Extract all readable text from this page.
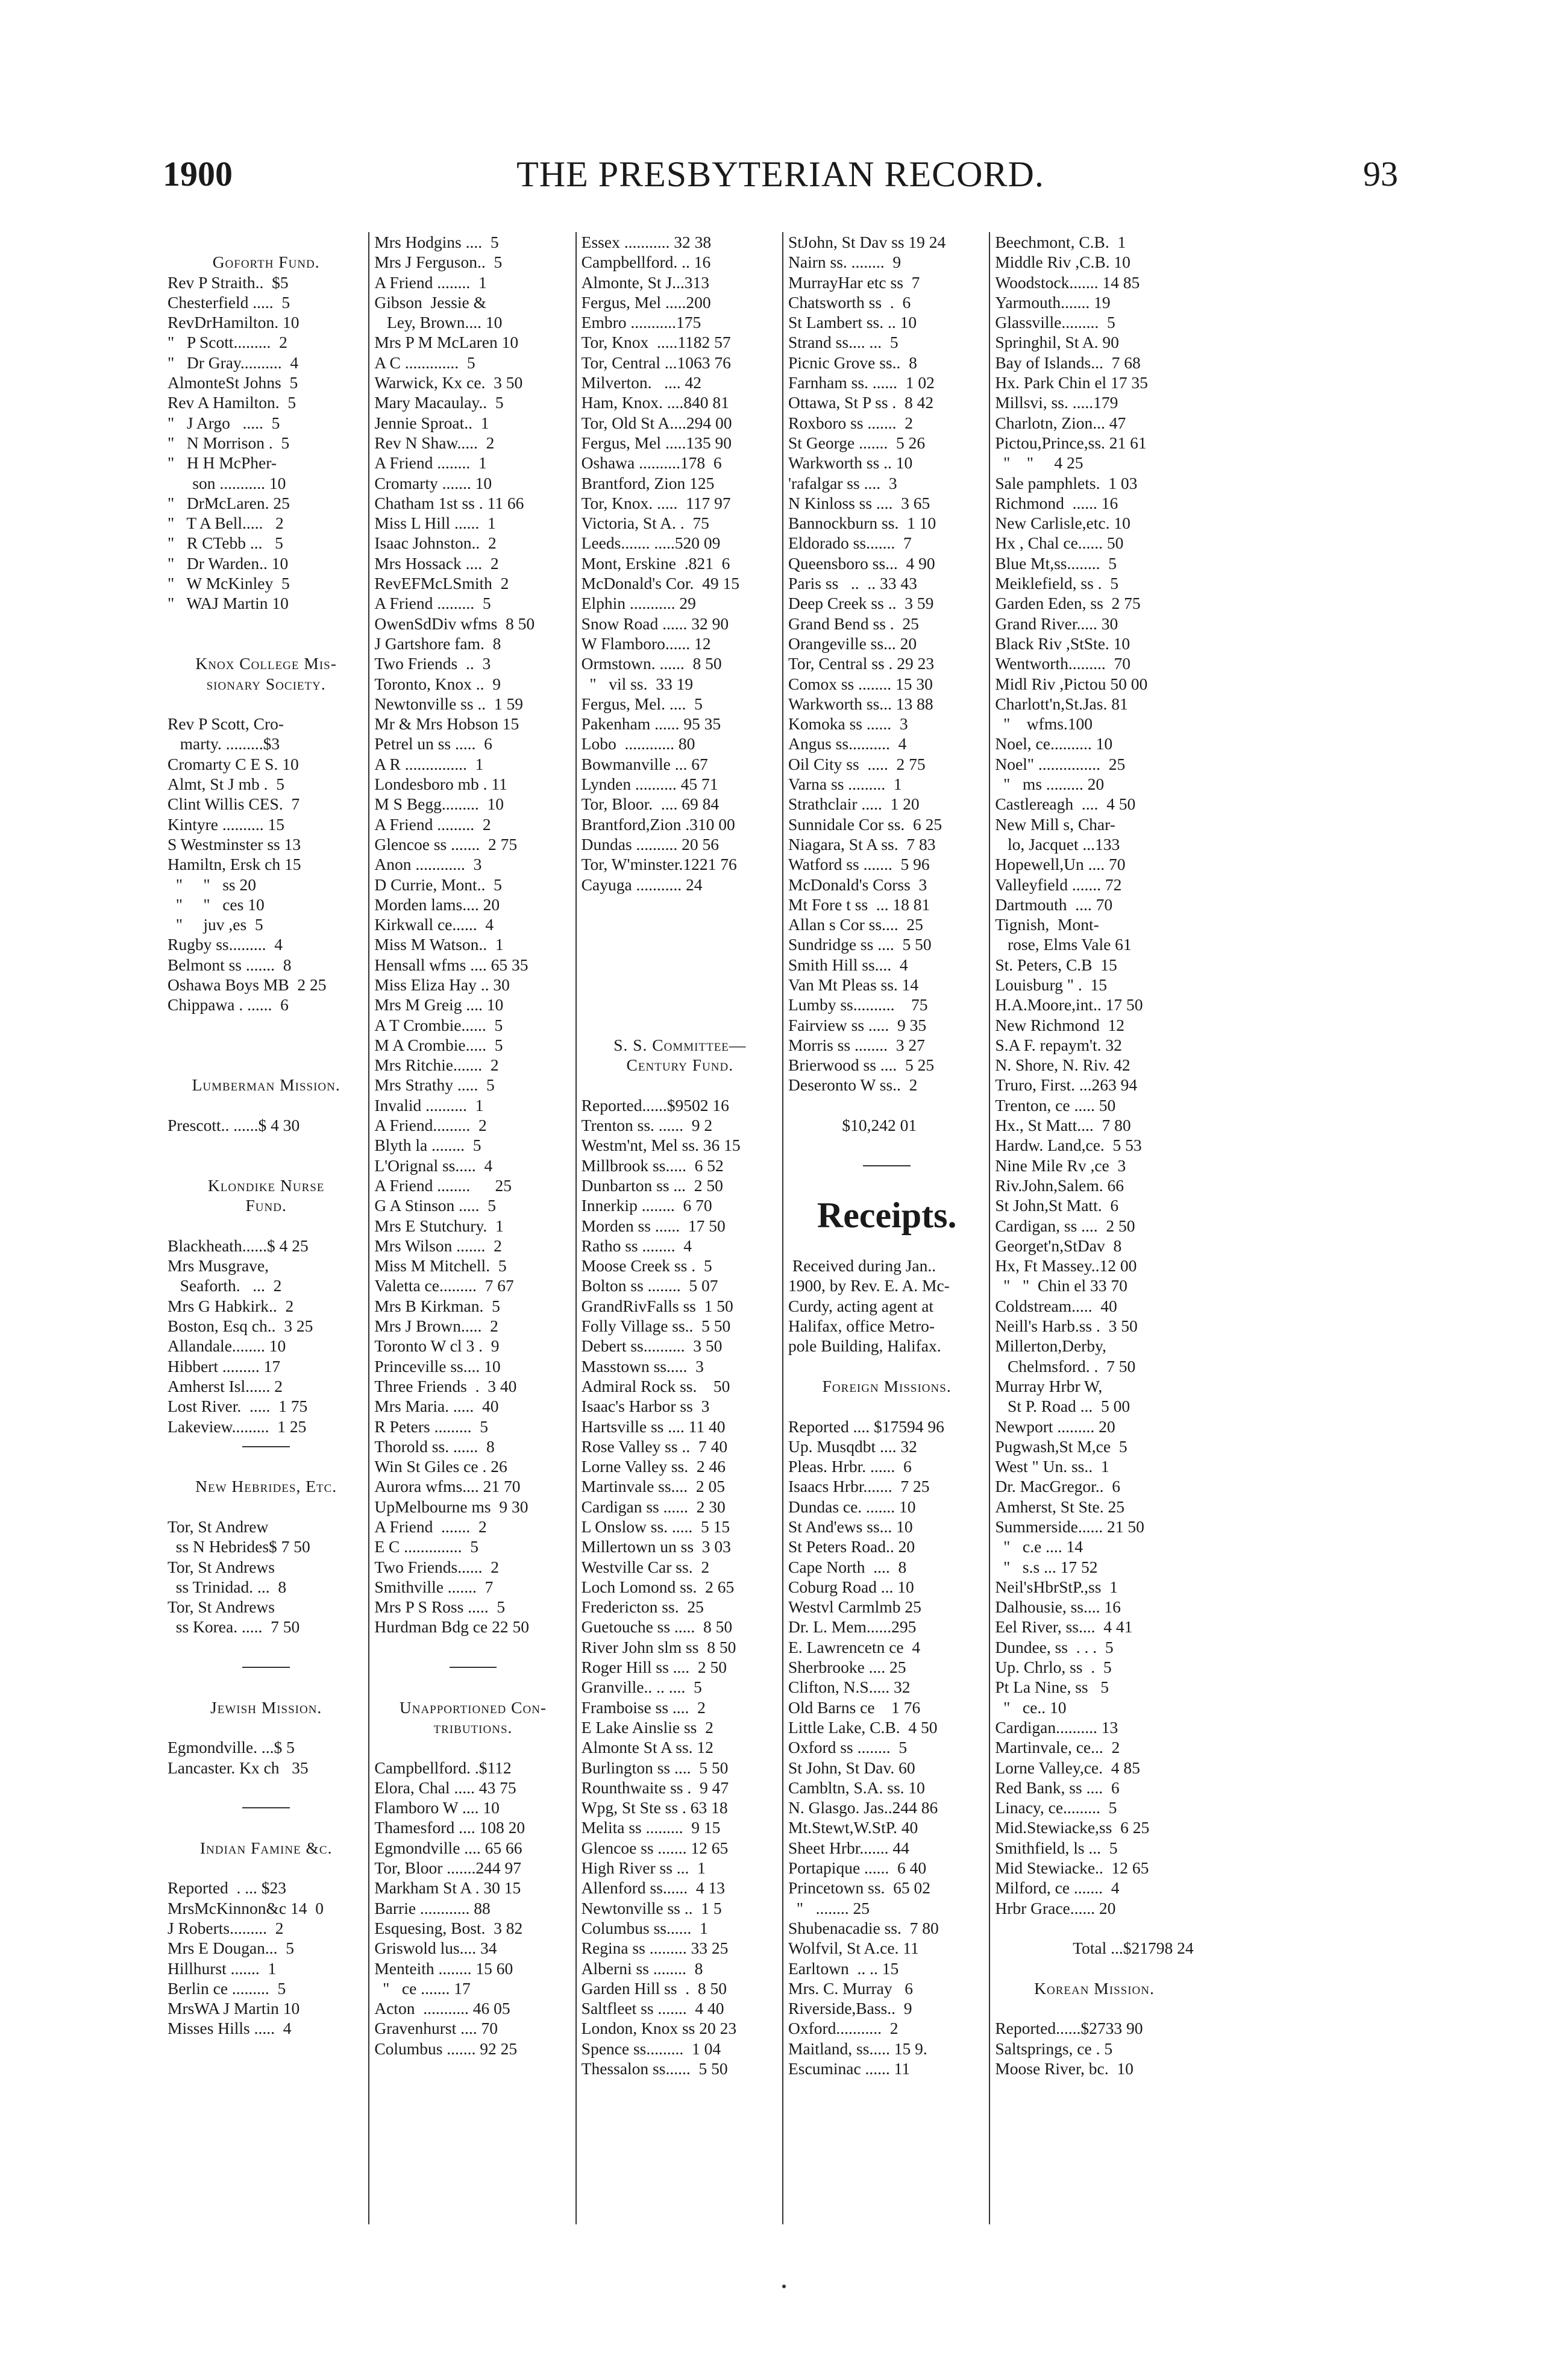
1900	THE PRESBYTERIAN RECORD.	93
Goforth Fund.
Rev P Straith..  $5
Chesterfield .....  5
RevDrHamilton. 10
"   P Scott.........  2
"   Dr Gray..........  4
AlmonteSt Johns  5
Rev A Hamilton.  5
"   J Argo   .....  5
"   N Morrison .  5
"   H H McPher-
son ........... 10
"   DrMcLaren. 25
"   T A Bell.....   2
"   R CTebb ...   5
"   Dr Warden.. 10
"   W McKinley  5
"   WAJ Martin 10
Knox College Mis-
sionary Society.
Rev P Scott, Cro-
marty. .........$3
Cromarty C E S. 10
Almt, St J mb .  5
Clint Willis CES.  7
Kintyre .......... 15
S Westminster ss 13
Hamiltn, Ersk ch 15
"     "   ss 20
"     "   ces 10
"     juv ,es  5
Rugby ss.........  4
Belmont ss .......  8
Oshawa Boys MB  2 25
Chippawa . ......  6
Lumberman Mission.
Prescott.. ......$ 4 30
Klondike Nurse
Fund.
Blackheath......$ 4 25
Mrs Musgrave,
Seaforth.   ...  2
Mrs G Habkirk..  2
Boston, Esq ch..  3 25
Allandale........ 10
Hibbert ......... 17
Amherst Isl...... 2
Lost River.  .....  1 75
Lakeview.........  1 25
New Hebrides, Etc.
Tor, St Andrew
ss N Hebrides$ 7 50
Tor, St Andrews
ss Trinidad. ...  8
Tor, St Andrews
ss Korea. .....  7 50
Jewish Mission.
Egmondville. ...$ 5
Lancaster. Kx ch   35
Indian Famine &c.
Reported  . ... $23
MrsMcKinnon&c 14  0
J Roberts.........  2
Mrs E Dougan...  5
Hillhurst .......  1
Berlin ce .........  5
MrsWA J Martin 10
Misses Hills .....  4
Mrs Hodgins ....  5
Mrs J Ferguson..  5
A Friend ........  1
Gibson  Jessie &
Ley, Brown.... 10
Mrs P M McLaren 10
A C .............  5
Warwick, Kx ce.  3 50
Mary Macaulay..  5
Jennie Sproat..  1
Rev N Shaw.....  2
A Friend ........  1
Cromarty ....... 10
Chatham 1st ss . 11 66
Miss L Hill ......  1
Isaac Johnston..  2
Mrs Hossack ....  2
RevEFMcLSmith  2
A Friend .........  5
OwenSdDiv wfms  8 50
J Gartshore fam.  8
Two Friends  ..  3
Toronto, Knox ..  9
Newtonville ss ..  1 59
Mr & Mrs Hobson 15
Petrel un ss .....  6
A R ...............  1
Londesboro mb . 11
M S Begg.........  10
A Friend .........  2
Glencoe ss .......  2 75
Anon ............  3
D Currie, Mont..  5
Morden lams.... 20
Kirkwall ce......  4
Miss M Watson..  1
Hensall wfms .... 65 35
Miss Eliza Hay .. 30
Mrs M Greig .... 10
A T Crombie......  5
M A Crombie.....  5
Mrs Ritchie.......  2
Mrs Strathy .....  5
Invalid ..........  1
A Friend.........  2
Blyth la ........  5
L'Orignal ss.....  4
A Friend ........      25
G A Stinson .....  5
Mrs E Stutchury.  1
Mrs Wilson .......  2
Miss M Mitchell.  5
Valetta ce.........  7 67
Mrs B Kirkman.  5
Mrs J Brown.....  2
Toronto W cl 3 .  9
Princeville ss.... 10
Three Friends  .  3 40
Mrs Maria. .....  40
R Peters .........  5
Thorold ss. ......  8
Win St Giles ce . 26
Aurora wfms.... 21 70
UpMelbourne ms  9 30
A Friend  .......  2
E C ..............  5
Two Friends......  2
Smithville .......  7
Mrs P S Ross .....  5
Hurdman Bdg ce 22 50
Unapportioned Con-
tributions.
Campbellford. .$112
Elora, Chal ..... 43 75
Flamboro W .... 10
Thamesford .... 108 20
Egmondville .... 65 66
Tor, Bloor .......244 97
Markham St A . 30 15
Barrie ............ 88
Esquesing, Bost.  3 82
Griswold lus.... 34
Menteith ........ 15 60
"   ce ....... 17
Acton  ........... 46 05
Gravenhurst .... 70
Columbus ....... 92 25
Essex ........... 32 38
Campbellford. .. 16
Almonte, St J...313
Fergus, Mel .....200
Embro ...........175
Tor, Knox  .....1182 57
Tor, Central ...1063 76
Milverton.   .... 42
Ham, Knox. ....840 81
Tor, Old St A....294 00
Fergus, Mel .....135 90
Oshawa ..........178  6
Brantford, Zion 125
Tor, Knox. .....  117 97
Victoria, St A. .  75
Leeds....... .....520 09
Mont, Erskine  .821  6
McDonald's Cor.  49 15
Elphin ........... 29
Snow Road ...... 32 90
W Flamboro...... 12
Ormstown. ......  8 50
"   vil ss.  33 19
Fergus, Mel. ....  5
Pakenham ...... 95 35
Lobo  ............ 80
Bowmanville ... 67
Lynden .......... 45 71
Tor, Bloor.  .... 69 84
Brantford,Zion .310 00
Dundas .......... 20 56
Tor, W'minster.1221 76
Cayuga ........... 24
S. S. Committee—
Century Fund.
Reported......$9502 16
Trenton ss. ......  9 2
Westm'nt, Mel ss. 36 15
Millbrook ss.....  6 52
Dunbarton ss ...  2 50
Innerkip ........  6 70
Morden ss ......  17 50
Ratho ss ........  4
Moose Creek ss .  5
Bolton ss ........  5 07
GrandRivFalls ss  1 50
Folly Village ss..  5 50
Debert ss..........  3 50
Masstown ss.....  3
Admiral Rock ss.    50
Isaac's Harbor ss  3
Hartsville ss .... 11 40
Rose Valley ss ..  7 40
Lorne Valley ss.  2 46
Martinvale ss....  2 05
Cardigan ss ......  2 30
L Onslow ss. .....  5 15
Millertown un ss  3 03
Westville Car ss.  2
Loch Lomond ss.  2 65
Fredericton ss.  25
Guetouche ss .....  8 50
River John slm ss  8 50
Roger Hill ss ....  2 50
Granville.. .. ....  5
Framboise ss ....  2
E Lake Ainslie ss  2
Almonte St A ss. 12
Burlington ss ....  5 50
Rounthwaite ss .  9 47
Wpg, St Ste ss . 63 18
Melita ss .........  9 15
Glencoe ss ....... 12 65
High River ss ...  1
Allenford ss......  4 13
Newtonville ss ..  1 5
Columbus ss......  1
Regina ss ......... 33 25
Alberni ss ........  8
Garden Hill ss  .  8 50
Saltfleet ss .......  4 40
London, Knox ss 20 23
Spence ss.........  1 04
Thessalon ss......  5 50
StJohn, St Dav ss 19 24
Nairn ss. ........  9
MurrayHar etc ss  7
Chatsworth ss  .  6
St Lambert ss. .. 10
Strand ss.... ...  5
Picnic Grove ss..  8
Farnham ss. ......  1 02
Ottawa, St P ss .  8 42
Roxboro ss .......  2
St George .......  5 26
Warkworth ss .. 10
'rafalgar ss ....  3
N Kinloss ss ....  3 65
Bannockburn ss.  1 10
Eldorado ss.......  7
Queensboro ss...  4 90
Paris ss   ..  .. 33 43
Deep Creek ss ..  3 59
Grand Bend ss .  25
Orangeville ss... 20
Tor, Central ss . 29 23
Comox ss ........ 15 30
Warkworth ss... 13 88
Komoka ss ......  3
Angus ss..........  4
Oil City ss  .....  2 75
Varna ss .........  1
Strathclair .....  1 20
Sunnidale Cor ss.  6 25
Niagara, St A ss.  7 83
Watford ss .......  5 96
McDonald's Corss  3
Mt Fore t ss  ... 18 81
Allan s Cor ss....  25
Sundridge ss ....  5 50
Smith Hill ss....  4
Van Mt Pleas ss. 14
Lumby ss..........    75
Fairview ss .....  9 35
Morris ss ........  3 27
Brierwood ss ....  5 25
Deseronto W ss..  2
$10,242 01
Receipts.
Received during Jan..
1900, by Rev. E. A. Mc-
Curdy, acting agent at
Halifax, office Metro-
pole Building, Halifax.
Foreign Missions.
Reported .... $17594 96
Up. Musqdbt .... 32
Pleas. Hrbr. ......  6
Isaacs Hrbr.......  7 25
Dundas ce. ....... 10
St And'ews ss... 10
St Peters Road.. 20
Cape North  ....  8
Coburg Road ... 10
Westvl Carmlmb 25
Dr. L. Mem......295
E. Lawrencetn ce  4
Sherbrooke .... 25
Clifton, N.S..... 32
Old Barns ce    1 76
Little Lake, C.B.  4 50
Oxford ss ........  5
St John, St Dav. 60
Cambltn, S.A. ss. 10
N. Glasgo. Jas..244 86
Mt.Stewt,W.StP. 40
Sheet Hrbr....... 44
Portapique ......  6 40
Princetown ss.  65 02
"   ........ 25
Shubenacadie ss.  7 80
Wolfvil, St A.ce. 11
Earltown  .. .. 15
Mrs. C. Murray   6
Riverside,Bass..  9
Oxford...........  2
Maitland, ss..... 15 9.
Escuminac ...... 11
Beechmont, C.B.  1
Middle Riv ,C.B. 10
Woodstock....... 14 85
Yarmouth....... 19
Glassville.........  5
Springhil, St A. 90
Bay of Islands...  7 68
Hx. Park Chin el 17 35
Millsvi, ss. .....179
Charlotn, Zion... 47
Pictou,Prince,ss. 21 61
"    "     4 25
Sale pamphlets.  1 03
Richmond  ...... 16
New Carlisle,etc. 10
Hx , Chal ce...... 50
Blue Mt,ss........  5
Meiklefield, ss .  5
Garden Eden, ss  2 75
Grand River..... 30
Black Riv ,StSte. 10
Wentworth.........  70
Midl Riv ,Pictou 50 00
Charlott'n,St.Jas. 81
"    wfms.100
Noel, ce.......... 10
Noel" ...............  25
"   ms ......... 20
Castlereagh  ....  4 50
New Mill s, Char-
lo, Jacquet ...133
Hopewell,Un .... 70
Valleyfield ....... 72
Dartmouth  .... 70
Tignish,  Mont-
rose, Elms Vale 61
St. Peters, C.B  15
Louisburg " .  15
H.A.Moore,int.. 17 50
New Richmond  12
S.A F. repaym't. 32
N. Shore, N. Riv. 42
Truro, First. ...263 94
Trenton, ce ..... 50
Hx., St Matt....  7 80
Hardw. Land,ce.  5 53
Nine Mile Rv ,ce  3
Riv.John,Salem. 66
St John,St Matt.  6
Cardigan, ss ....  2 50
Georget'n,StDav  8
Hx, Ft Massey..12 00
"   "  Chin el 33 70
Coldstream.....  40
Neill's Harb.ss .  3 50
Millerton,Derby,
Chelmsford. .  7 50
Murray Hrbr W,
St P. Road ...  5 00
Newport ......... 20
Pugwash,St M,ce  5
West " Un. ss..  1
Dr. MacGregor..  6
Amherst, St Ste. 25
Summerside...... 21 50
"   c.e .... 14
"   s.s ... 17 52
Neil'sHbrStP.,ss  1
Dalhousie, ss.... 16
Eel River, ss....  4 41
Dundee, ss  . . .  5
Up. Chrlo, ss  .  5
Pt La Nine, ss   5
"   ce.. 10
Cardigan.......... 13
Martinvale, ce...  2
Lorne Valley,ce.  4 85
Red Bank, ss ....  6
Linacy, ce.........  5
Mid.Stewiacke,ss  6 25
Smithfield, ls ...  5
Mid Stewiacke..  12 65
Milford, ce .......  4
Hrbr Grace...... 20
Total ...$21798 24
Korean Mission.
Reported......$2733 90
Saltsprings, ce . 5
Moose River, bc.  10
